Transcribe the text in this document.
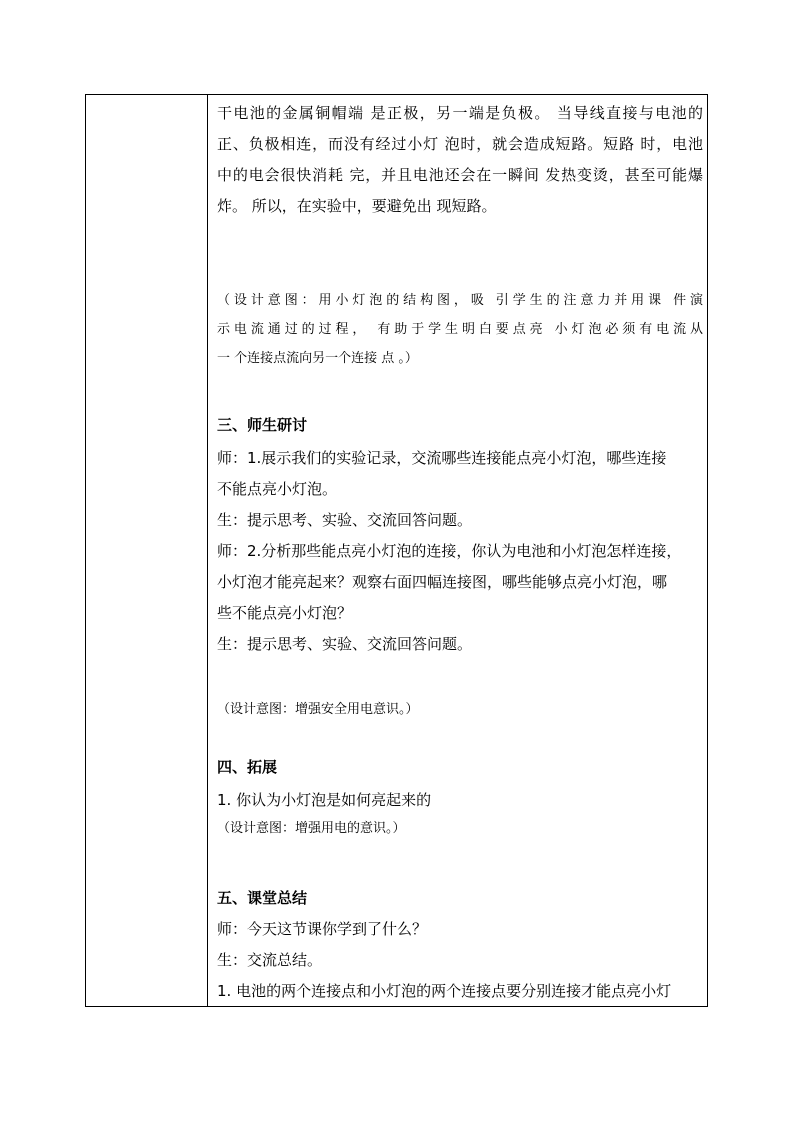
干电池的金属铜帽端 是正极，另一端是负极。 当导线直接与电池的
正、负极相连，而没有经过小灯 泡时，就会造成短路。短路 时，电池
中的电会很快消耗 完，并且电池还会在一瞬间 发热变烫，甚至可能爆
炸。 所以，在实验中，要避免出 现短路。
（设计意图：用小灯泡的结构图，吸 引学生的注意力并用课 件演
示电流通过的过程， 有助于学生明白要点亮 小灯泡必须有电流从
一 个连接点流向另一个连接 点 。）
三、师生研讨
师：1.展示我们的实验记录，交流哪些连接能点亮小灯泡，哪些连接
不能点亮小灯泡。
生：提示思考、实验、交流回答问题。
师：2.分析那些能点亮小灯泡的连接，你认为电池和小灯泡怎样连接，
小灯泡才能亮起来？观察右面四幅连接图，哪些能够点亮小灯泡，哪
些不能点亮小灯泡？
生：提示思考、实验、交流回答问题。
（设计意图：增强安全用电意识。）
四、拓展
1. 你认为小灯泡是如何亮起来的
（设计意图：增强用电的意识。）
五、课堂总结
师：今天这节课你学到了什么？
生：交流总结。
1. 电池的两个连接点和小灯泡的两个连接点要分别连接才能点亮小灯
